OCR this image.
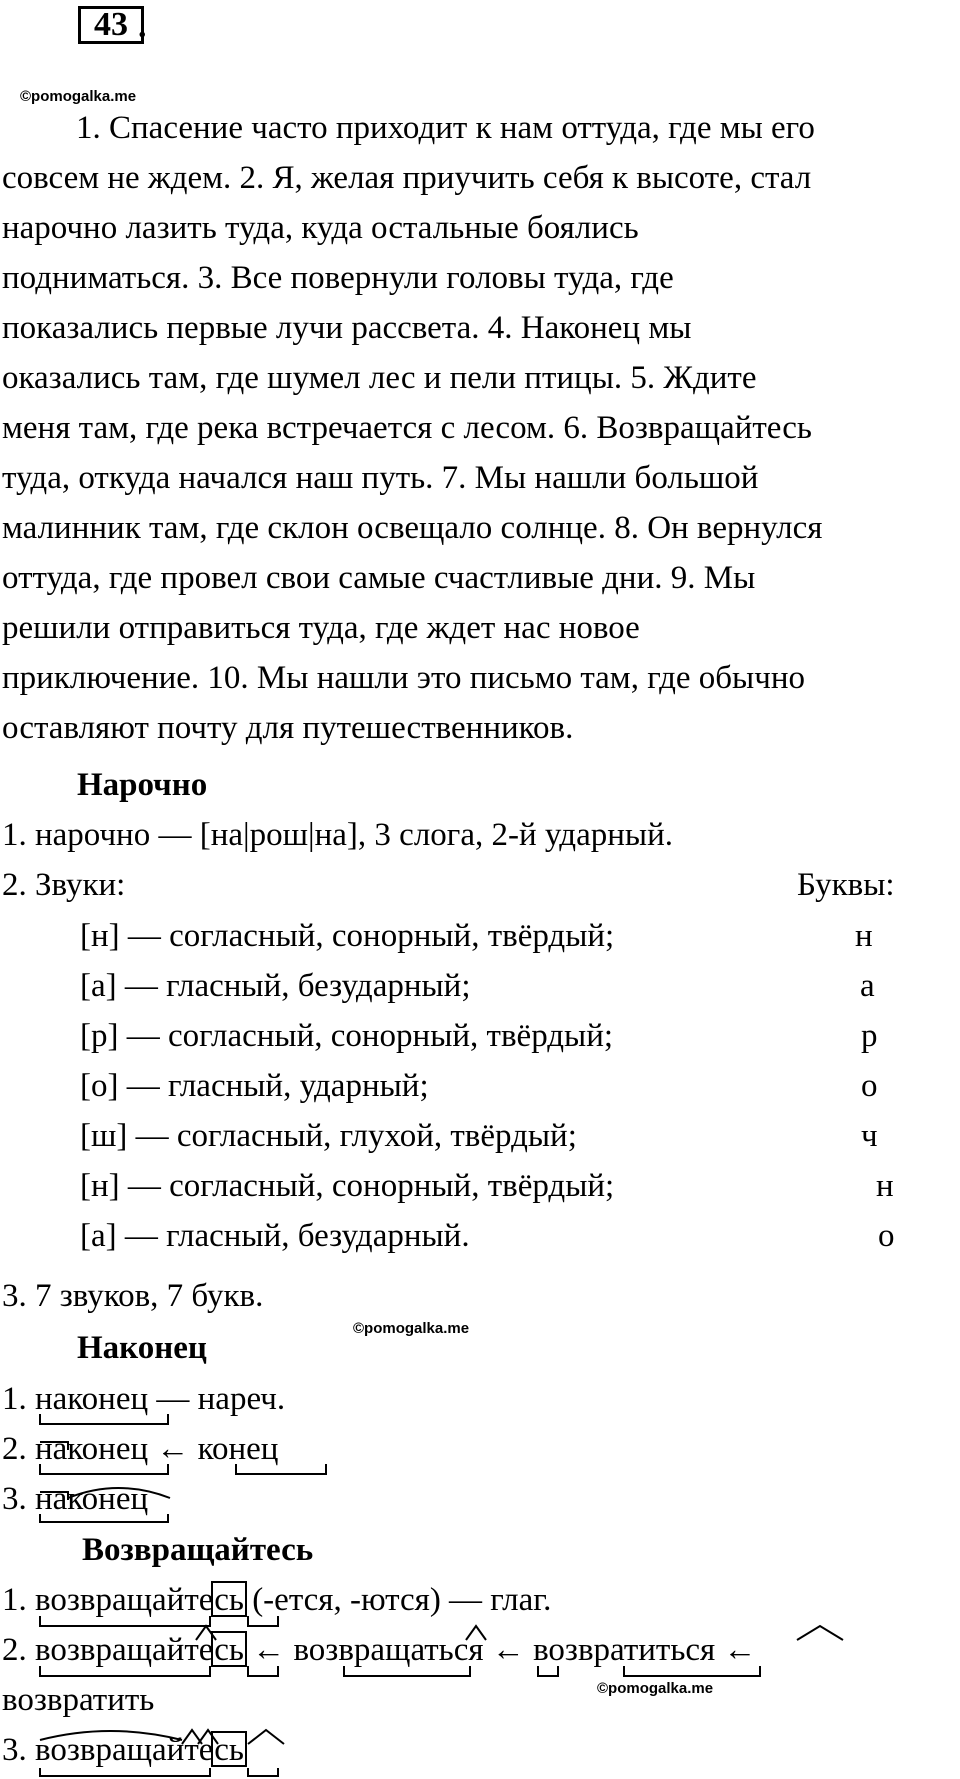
43 .
©pomogalka.me
1. Спасение часто приходит к нам оттуда, где мы его
совсем не ждем. 2. Я, желая приучить себя к высоте, стал
нарочно лазить туда, куда остальные боялись
подниматься. 3. Все повернули головы туда, где
показались первые лучи рассвета. 4. Наконец мы
оказались там, где шумел лес и пели птицы. 5. Ждите
меня там, где река встречается с лесом. 6. Возвращайтесь
туда, откуда начался наш путь. 7. Мы нашли большой
малинник там, где склон освещало солнце. 8. Он вернулся
оттуда, где провел свои самые счастливые дни. 9. Мы
решили отправиться туда, где ждет нас новое
приключение. 10. Мы нашли это письмо там, где обычно
оставляют почту для путешественников.
Нарочно
1. нарочно — [на|рош|на], 3 слога, 2-й ударный.
2. Звуки:	Буквы:
[н] — согласный, сонорный, твёрдый;	н
[а] — гласный, безударный;	а
[р] — согласный, сонорный, твёрдый;	р
[о] — гласный, ударный;	о
[ш] — согласный, глухой, твёрдый;	ч
[н] — согласный, сонорный, твёрдый;	н
[а] — гласный, безударный.	о
3. 7 звуков, 7 букв.
©pomogalka.me
Наконец
1. наконец — нареч.
2. наконец ← конец
3. наконец
Возвращайтесь
1. возвращайтесь (-ется, -ются) — глаг.
2. возвращайтесь ← возвращаться ← возвратиться ←
©pomogalka.me
возвратить
3. возвращайтесь
